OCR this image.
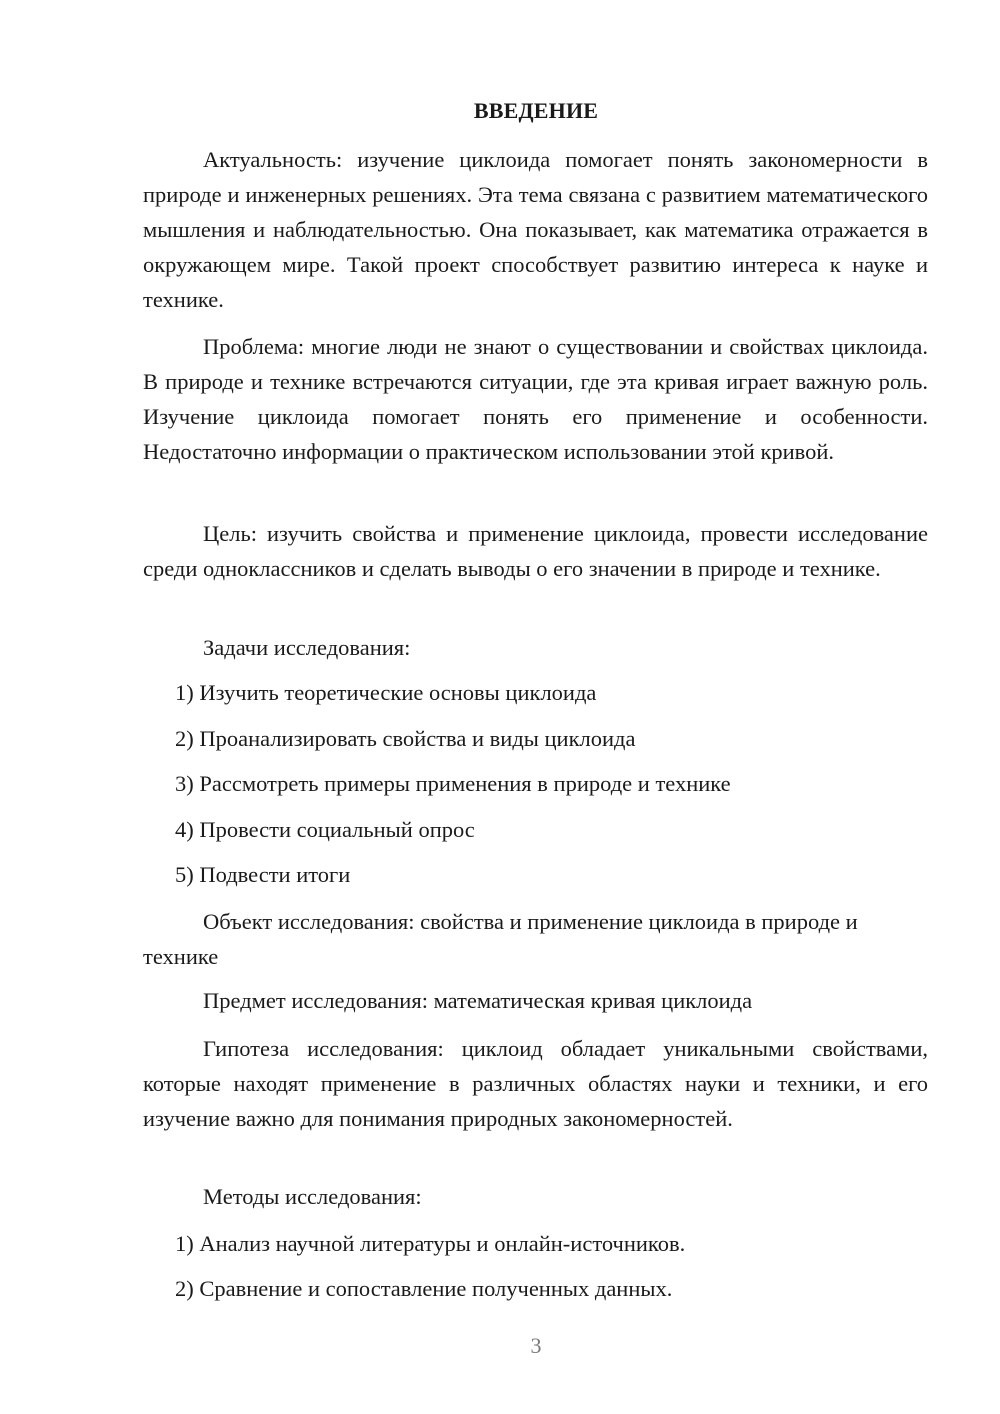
ВВЕДЕНИЕ

Актуальность: изучение циклоида помогает понять закономерности в природе и инженерных решениях. Эта тема связана с развитием математического мышления и наблюдательностью. Она показывает, как математика отражается в окружающем мире. Такой проект способствует развитию интереса к науке и технике.

Проблема: многие люди не знают о существовании и свойствах циклоида. В природе и технике встречаются ситуации, где эта кривая играет важную роль. Изучение циклоида помогает понять его применение и особенности. Недостаточно информации о практическом использовании этой кривой.

Цель: изучить свойства и применение циклоида, провести исследование среди одноклассников и сделать выводы о его значении в природе и технике.

Задачи исследования:
1) Изучить теоретические основы циклоида
2) Проанализировать свойства и виды циклоида
3) Рассмотреть примеры применения в природе и технике
4) Провести социальный опрос
5) Подвести итоги

Объект исследования: свойства и применение циклоида в природе и технике

Предмет исследования: математическая кривая циклоида

Гипотеза исследования: циклоид обладает уникальными свойствами, которые находят применение в различных областях науки и техники, и его изучение важно для понимания природных закономерностей.

Методы исследования:
1) Анализ научной литературы и онлайн-источников.
2) Сравнение и сопоставление полученных данных.
3
